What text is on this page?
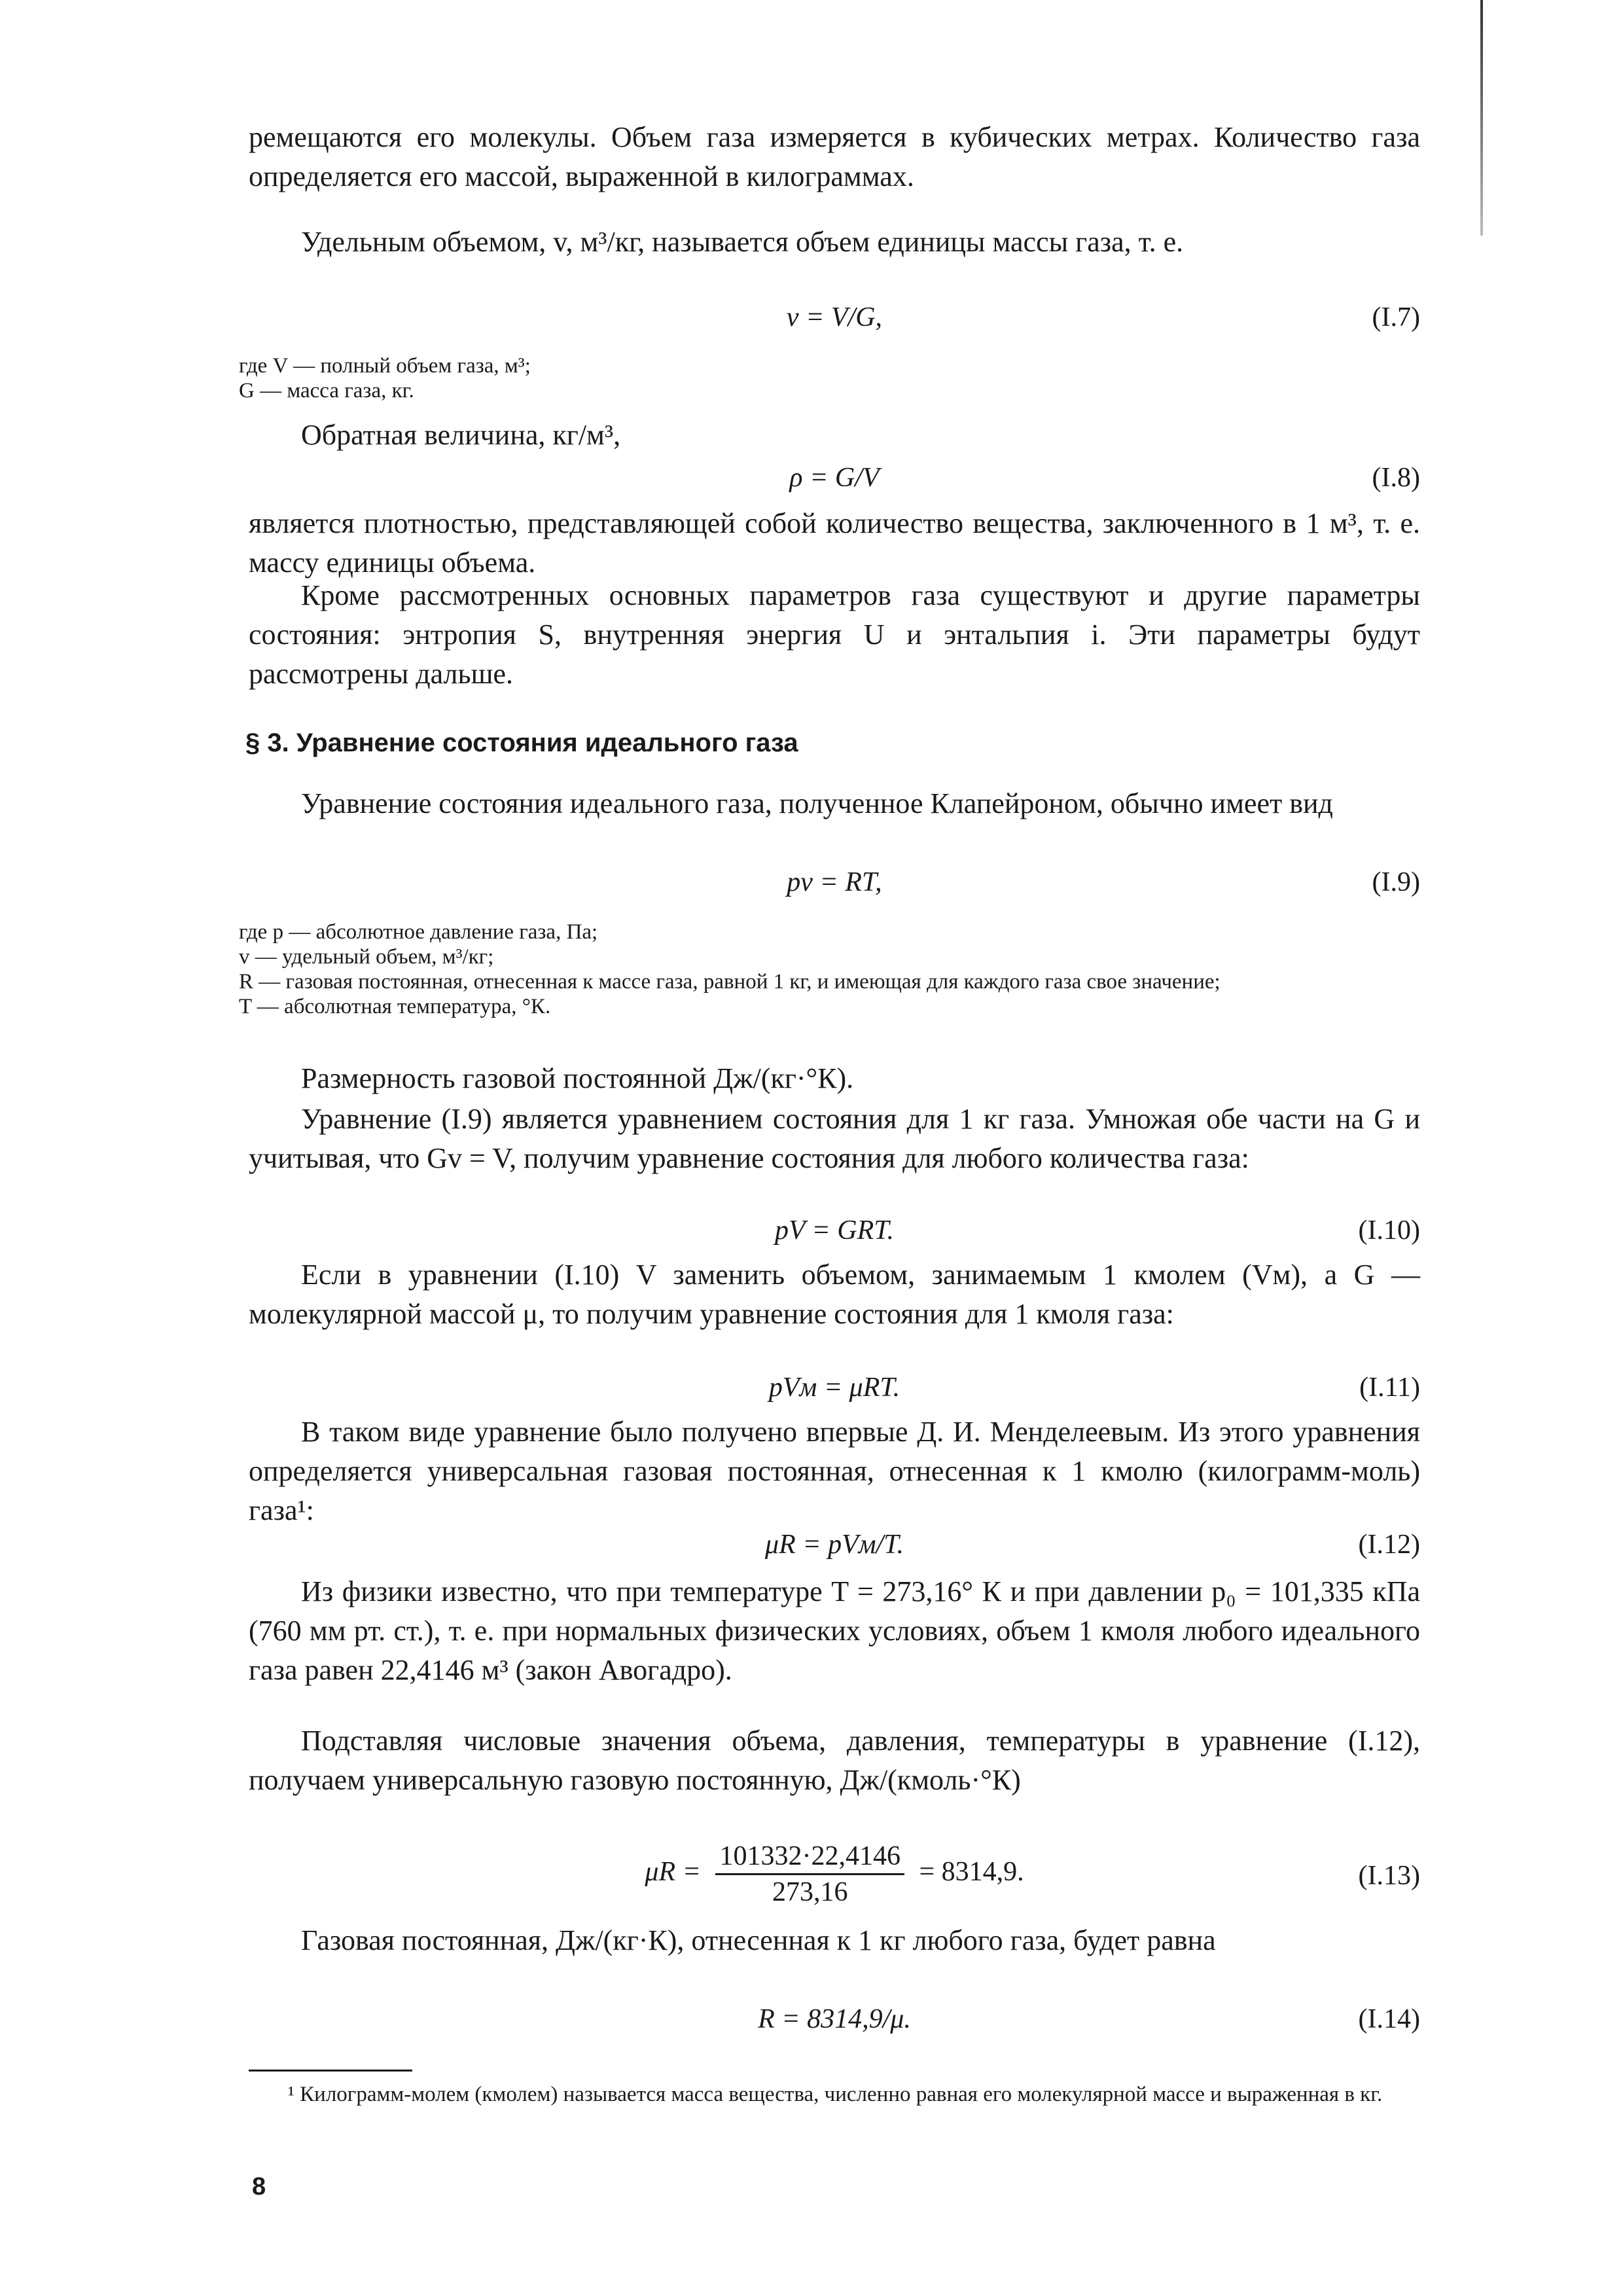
ремещаются его молекулы. Объем газа измеряется в кубических метрах. Количество газа определяется его массой, выраженной в килограммах.

Удельным объемом, v, м³/кг, называется объем единицы массы газа, т. е.

v = V/G,	(I.7)
где V — полный объем газа, м³;
G — масса газа, кг.

Обратная величина, кг/м³,

ρ = G/V	(I.8)

является плотностью, представляющей собой количество вещества, заключенного в 1 м³, т. е. массу единицы объема.

Кроме рассмотренных основных параметров газа существуют и другие параметры состояния: энтропия S, внутренняя энергия U и энтальпия i. Эти параметры будут рассмотрены дальше.

§ 3. Уравнение состояния идеального газа

Уравнение состояния идеального газа, полученное Клапейроном, обычно имеет вид

pv = RT,	(I.9)
где p — абсолютное давление газа, Па;
v — удельный объем, м³/кг;
R — газовая постоянная, отнесенная к массе газа, равной 1 кг, и имеющая для каждого газа свое значение;
T — абсолютная температура, °К.

Размерность газовой постоянной Дж/(кг·°К).

Уравнение (I.9) является уравнением состояния для 1 кг газа. Умножая обе части на G и учитывая, что Gv = V, получим уравнение состояния для любого количества газа:

pV = GRT.	(I.10)

Если в уравнении (I.10) V заменить объемом, занимаемым 1 кмолем (Vм), а G — молекулярной массой μ, то получим уравнение состояния для 1 кмоля газа:

pVм = μRT.	(I.11)

В таком виде уравнение было получено впервые Д. И. Менделеевым. Из этого уравнения определяется универсальная газовая постоянная, отнесенная к 1 кмолю (килограмм-моль) газа¹:

μR = pVм/T.	(I.12)

Из физики известно, что при температуре T = 273,16° К и при давлении p₀ = 101,335 кПа (760 мм рт. ст.), т. е. при нормальных физических условиях, объем 1 кмоля любого идеального газа равен 22,4146 м³ (закон Авогадро).

Подставляя числовые значения объема, давления, температуры в уравнение (I.12), получаем универсальную газовую постоянную, Дж/(кмоль·°К)

$\mu R = \frac{101332\cdot 22,4146}{273,16} = 8314,9$.	(I.13)

Газовая постоянная, Дж/(кг·К), отнесенная к 1 кг любого газа, будет равна

R = 8314,9/μ.	(I.14)

¹ Килограмм-молем (кмолем) называется масса вещества, численно равная его молекулярной массе и выраженная в кг.

8
